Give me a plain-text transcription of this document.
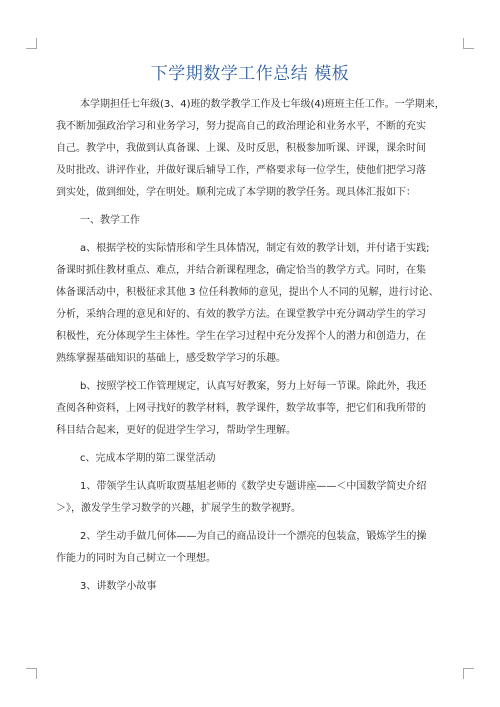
下学期数学工作总结 模板
本学期担任七年级(3、4)班的数学教学工作及七年级(4)班班主任工作。一学期来，
我不断加强政治学习和业务学习，努力提高自己的政治理论和业务水平，不断的充实
自己。教学中，我做到认真备课、上课、及时反思，积极参加听课、评课，课余时间
及时批改、讲评作业，并做好课后辅导工作，严格要求每一位学生，使他们把学习落
到实处，做到细处，学在明处。顺利完成了本学期的教学任务。现具体汇报如下：
一、教学工作
a、根据学校的实际情形和学生具体情况，制定有效的教学计划，并付诸于实践;
备课时抓住教材重点、难点，并结合新课程理念，确定恰当的教学方式。同时，在集
体备课活动中，积极征求其他 3 位任科教师的意见，提出个人不同的见解，进行讨论、
分析，采纳合理的意见和好的、有效的教学方法。在课堂教学中充分调动学生的学习
积极性，充分体现学生主体性。学生在学习过程中充分发挥个人的潜力和创造力，在
熟练掌握基础知识的基础上，感受数学学习的乐趣。
b、按照学校工作管理规定，认真写好教案，努力上好每一节课。除此外，我还
查阅各种资料，上网寻找好的教学材料，教学课件，数学故事等，把它们和我所带的
科目结合起来，更好的促进学生学习，帮助学生理解。
c、完成本学期的第二课堂活动
1、带领学生认真听取贾基旭老师的《数学史专题讲座——＜中国数学简史介绍
＞》，激发学生学习数学的兴趣，扩展学生的数学视野。
2、学生动手做几何体——为自己的商品设计一个漂亮的包装盒，锻炼学生的操
作能力的同时为自己树立一个理想。
3、讲数学小故事
